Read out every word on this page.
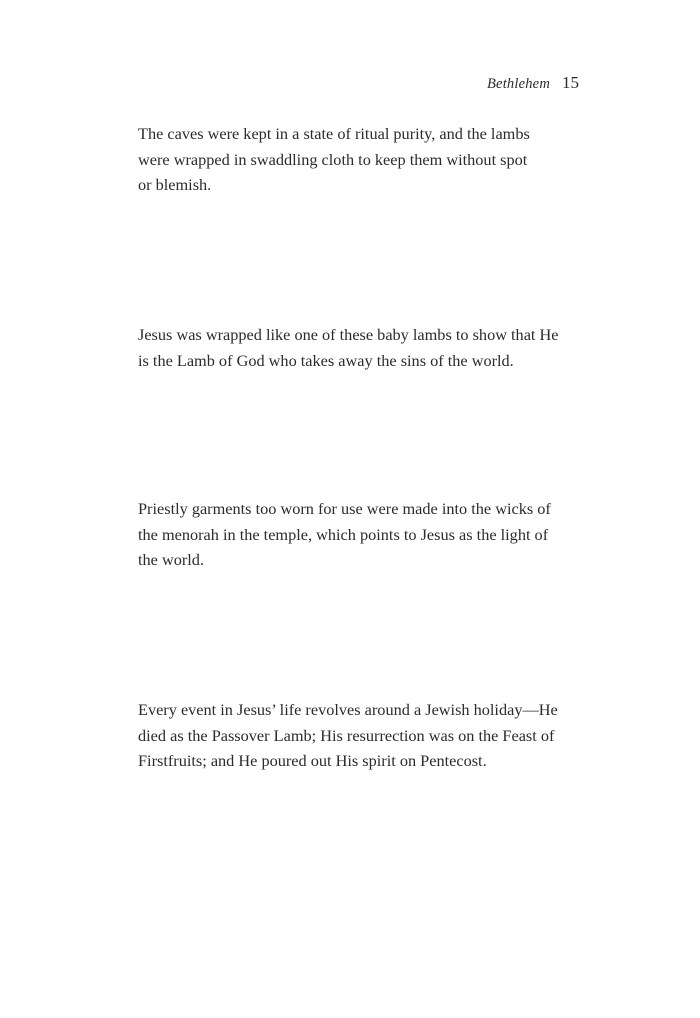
Bethlehem 15

The caves were kept in a state of ritual purity, and the lambs
were wrapped in swaddling cloth to keep them without spot
or blemish.

Jesus was wrapped like one of these baby lambs to show that He
is the Lamb of God who takes away the sins of the world.

Priestly garments too worn for use were made into the wicks of
the menorah in the temple, which points to Jesus as the light of
the world.

Every event in Jesus’ life revolves around a Jewish holiday—He
died as the Passover Lamb; His resurrection was on the Feast of
Firstfruits; and He poured out His spirit on Pentecost.
